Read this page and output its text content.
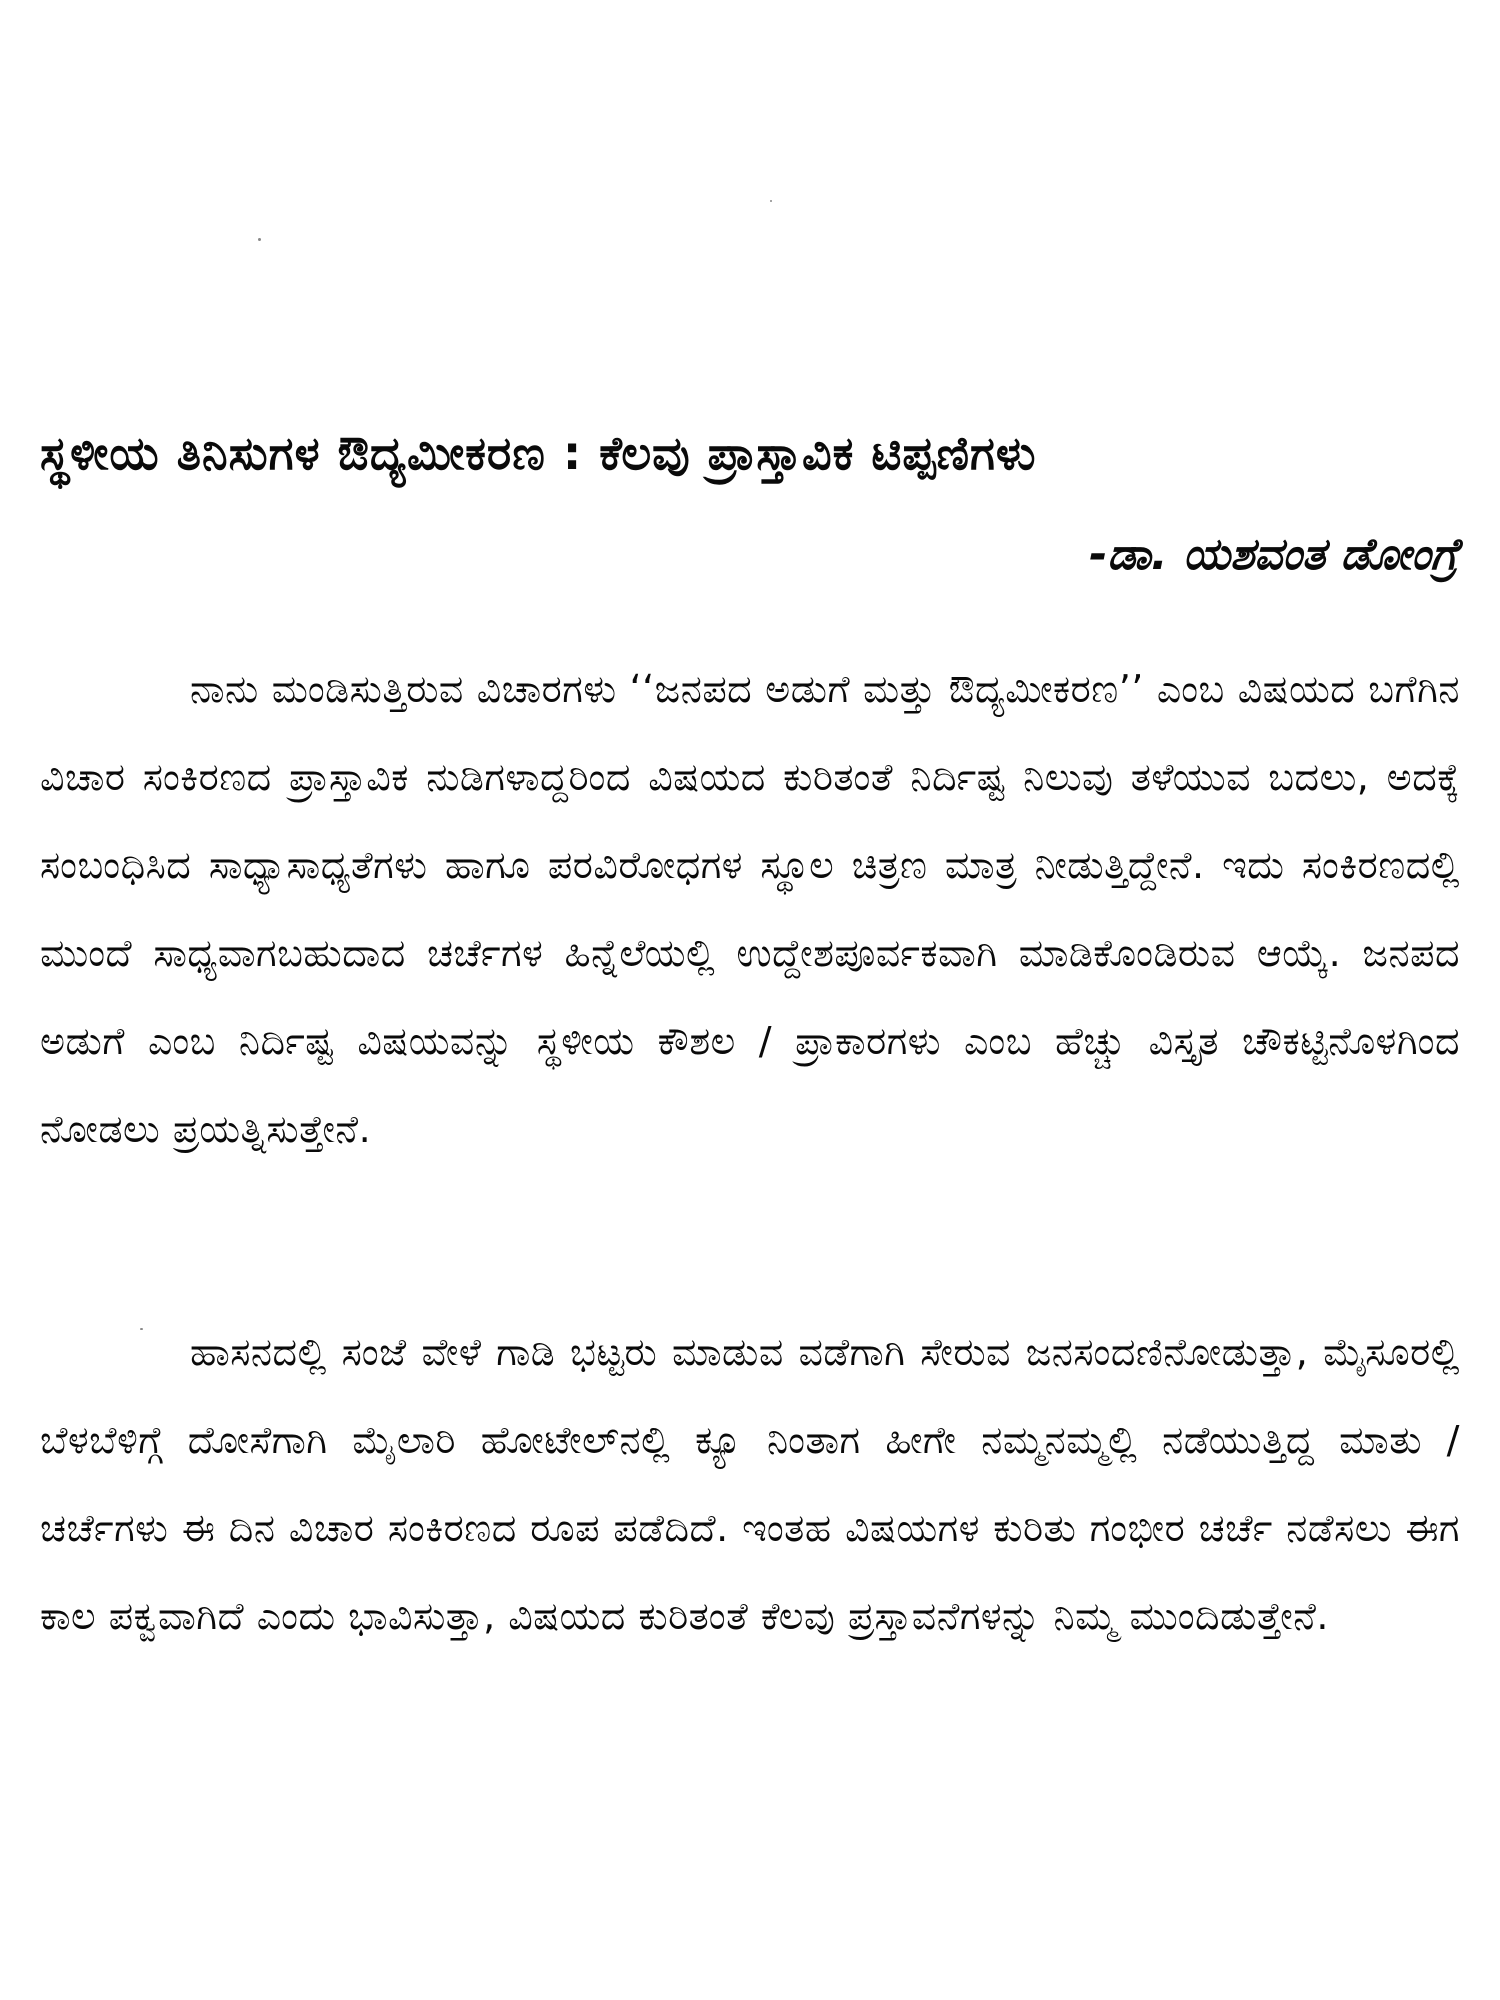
ಸ್ಥಳೀಯ ತಿನಿಸುಗಳ ಔದ್ಯಮೀಕರಣ : ಕೆಲವು ಪ್ರಾಸ್ತಾವಿಕ ಟಿಪ್ಪಣಿಗಳು

-ಡಾ. ಯಶವಂತ ಡೋಂಗ್ರೆ

ನಾನು ಮಂಡಿಸುತ್ತಿರುವ ವಿಚಾರಗಳು ‘‘ಜನಪದ ಅಡುಗೆ ಮತ್ತು ಔದ್ಯಮೀಕರಣ’’ ಎಂಬ ವಿಷಯದ ಬಗೆಗಿನ ವಿಚಾರ ಸಂಕಿರಣದ ಪ್ರಾಸ್ತಾವಿಕ ನುಡಿಗಳಾದ್ದರಿಂದ ವಿಷಯದ ಕುರಿತಂತೆ ನಿರ್ದಿಷ್ಟ ನಿಲುವು ತಳೆಯುವ ಬದಲು, ಅದಕ್ಕೆ ಸಂಬಂಧಿಸಿದ ಸಾಧ್ಯಾಸಾಧ್ಯತೆಗಳು ಹಾಗೂ ಪರವಿರೋಧಗಳ ಸ್ಥೂಲ ಚಿತ್ರಣ ಮಾತ್ರ ನೀಡುತ್ತಿದ್ದೇನೆ. ಇದು ಸಂಕಿರಣದಲ್ಲಿ ಮುಂದೆ ಸಾಧ್ಯವಾಗಬಹುದಾದ ಚರ್ಚೆಗಳ ಹಿನ್ನೆಲೆಯಲ್ಲಿ ಉದ್ದೇಶಪೂರ್ವಕವಾಗಿ ಮಾಡಿಕೊಂಡಿರುವ ಆಯ್ಕೆ. ಜನಪದ ಅಡುಗೆ ಎಂಬ ನಿರ್ದಿಷ್ಟ ವಿಷಯವನ್ನು ಸ್ಥಳೀಯ ಕೌಶಲ / ಪ್ರಾಕಾರಗಳು ಎಂಬ ಹೆಚ್ಚು ವಿಸ್ತೃತ ಚೌಕಟ್ಟಿನೊಳಗಿಂದ ನೋಡಲು ಪ್ರಯತ್ನಿಸುತ್ತೇನೆ.

ಹಾಸನದಲ್ಲಿ ಸಂಜೆ ವೇಳೆ ಗಾಡಿ ಭಟ್ಟರು ಮಾಡುವ ವಡೆಗಾಗಿ ಸೇರುವ ಜನಸಂದಣಿನೋಡುತ್ತಾ, ಮೈಸೂರಲ್ಲಿ ಬೆಳಬೆಳಿಗ್ಗೆ ದೋಸೆಗಾಗಿ ಮೈಲಾರಿ ಹೋಟೇಲ್‌ನಲ್ಲಿ ಕ್ಯೂ ನಿಂತಾಗ ಹೀಗೇ ನಮ್ಮನಮ್ಮಲ್ಲಿ ನಡೆಯುತ್ತಿದ್ದ ಮಾತು / ಚರ್ಚೆಗಳು ಈ ದಿನ ವಿಚಾರ ಸಂಕಿರಣದ ರೂಪ ಪಡೆದಿದೆ. ಇಂತಹ ವಿಷಯಗಳ ಕುರಿತು ಗಂಭೀರ ಚರ್ಚೆ ನಡೆಸಲು ಈಗ ಕಾಲ ಪಕ್ವವಾಗಿದೆ ಎಂದು ಭಾವಿಸುತ್ತಾ, ವಿಷಯದ ಕುರಿತಂತೆ ಕೆಲವು ಪ್ರಸ್ತಾವನೆಗಳನ್ನು ನಿಮ್ಮ ಮುಂದಿಡುತ್ತೇನೆ.
